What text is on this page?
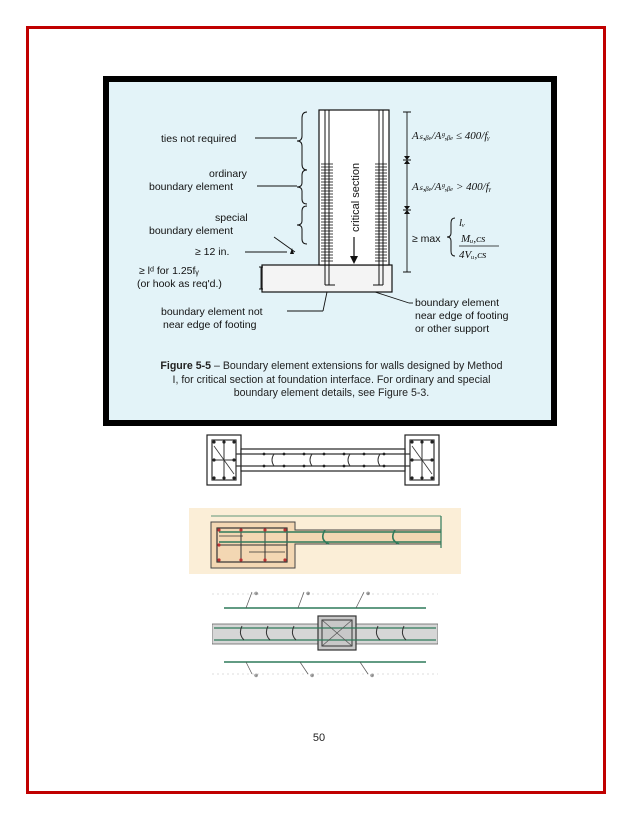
critical section
ties not required
ordinary
boundary element
special
boundary element
≥ 12 in.
≥ lᵈ for 1.25fᵧ
(or hook as req'd.)
boundary element not
near edge of footing
boundary element
near edge of footing
or other support
Aₛ,ᵦₑ/Aᵍ,ᵦₑ ≤ 400/fᵧ
Aₛ,ᵦₑ/Aᵍ,ᵦₑ > 400/fᵧ
≥ max
lᵥ
Mᵤ,ᴄѕ
4Vᵤ,ᴄѕ
Figure 5-5 – Boundary element extensions for walls designed by Method I, for critical section at foundation interface. For ordinary and special boundary element details, see Figure 5-3.
⊕	⊕	⊕
⊕	⊕	⊕
50
